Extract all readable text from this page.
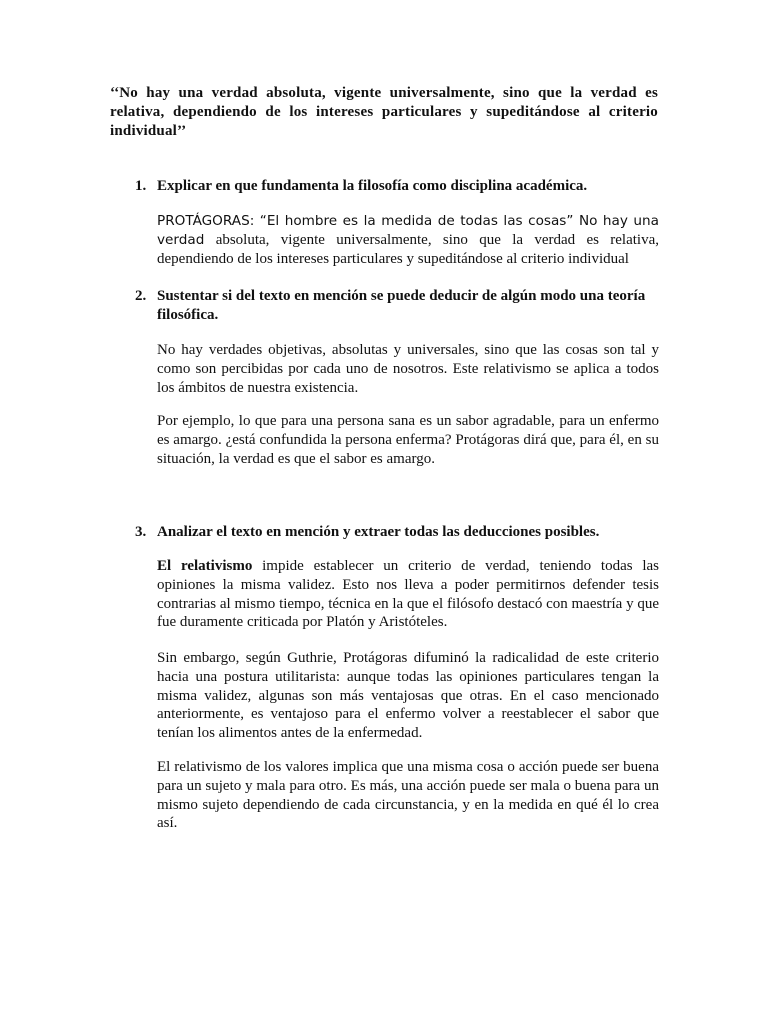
‘‘No hay una verdad absoluta, vigente universalmente, sino que la verdad es relativa, dependiendo de los intereses particulares y supeditándose al criterio individual’’
1. Explicar en que fundamenta la filosofía como disciplina académica.
PROTÁGORAS: “El hombre es la medida de todas las cosas” No hay una verdad absoluta, vigente universalmente, sino que la verdad es relativa, dependiendo de los intereses particulares y supeditándose al criterio individual
2. Sustentar si del texto en mención se puede deducir de algún modo una teoría filosófica.
No hay verdades objetivas, absolutas y universales, sino que las cosas son tal y como son percibidas por cada uno de nosotros. Este relativismo se aplica a todos los ámbitos de nuestra existencia.
Por ejemplo, lo que para una persona sana es un sabor agradable, para un enfermo es amargo. ¿está confundida la persona enferma? Protágoras dirá que, para él, en su situación, la verdad es que el sabor es amargo.
3. Analizar el texto en mención y extraer todas las deducciones posibles.
El relativismo impide establecer un criterio de verdad, teniendo todas las opiniones la misma validez. Esto nos lleva a poder permitirnos defender tesis contrarias al mismo tiempo, técnica en la que el filósofo destacó con maestría y que fue duramente criticada por Platón y Aristóteles.
Sin embargo, según Guthrie, Protágoras difuminó la radicalidad de este criterio hacia una postura utilitarista: aunque todas las opiniones particulares tengan la misma validez, algunas son más ventajosas que otras. En el caso mencionado anteriormente, es ventajoso para el enfermo volver a reestablecer el sabor que tenían los alimentos antes de la enfermedad.
El relativismo de los valores implica que una misma cosa o acción puede ser buena para un sujeto y mala para otro. Es más, una acción puede ser mala o buena para un mismo sujeto dependiendo de cada circunstancia, y en la medida en qué él lo crea así.
